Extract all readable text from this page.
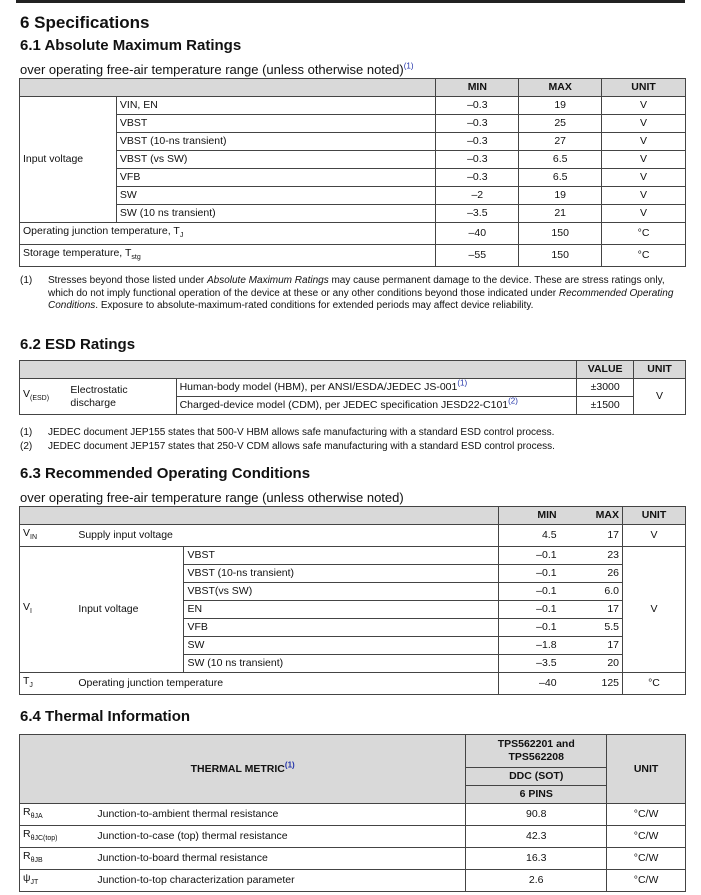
6 Specifications
6.1 Absolute Maximum Ratings
over operating free-air temperature range (unless otherwise noted)$^{(1)}$
		MIN	MAX	UNIT
Input voltage	VIN, EN	–0.3	19	V
	VBST	–0.3	25	V
	VBST (10-ns transient)	–0.3	27	V
	VBST (vs SW)	–0.3	6.5	V
	VFB	–0.3	6.5	V
	SW	–2	19	V
	SW (10 ns transient)	–3.5	21	V
Operating junction temperature, $T_J$		–40	150	°C
Storage temperature, $T_{stg}$		–55	150	°C
(1) Stresses beyond those listed under Absolute Maximum Ratings may cause permanent damage to the device. These are stress ratings only, which do not imply functional operation of the device at these or any other conditions beyond those indicated under Recommended Operating Conditions. Exposure to absolute-maximum-rated conditions for extended periods may affect device reliability.
6.2 ESD Ratings
			VALUE	UNIT
$V_{(ESD)}$	Electrostatic discharge	Human-body model (HBM), per ANSI/ESDA/JEDEC JS-001$^{(1)}$	±3000	V
		Charged-device model (CDM), per JEDEC specification JESD22-C101$^{(2)}$	±1500	
(1) JEDEC document JEP155 states that 500-V HBM allows safe manufacturing with a standard ESD control process.
(2) JEDEC document JEP157 states that 250-V CDM allows safe manufacturing with a standard ESD control process.
6.3 Recommended Operating Conditions
over operating free-air temperature range (unless otherwise noted)
			MIN	MAX	UNIT
$V_{IN}$	Supply input voltage		4.5	17	V
$V_I$	Input voltage	VBST	–0.1	23	V
		VBST (10-ns transient)	–0.1	26	
		VBST(vs SW)	–0.1	6.0	
		EN	–0.1	17	
		VFB	–0.1	5.5	
		SW	–1.8	17	
		SW (10 ns transient)	–3.5	20	
$T_J$	Operating junction temperature		–40	125	°C
6.4 Thermal Information
THERMAL METRIC$^{(1)}$		TPS562201 and TPS562208	UNIT
		DDC (SOT)	
		6 PINS	
$R_{\theta JA}$	Junction-to-ambient thermal resistance	90.8	°C/W
$R_{\theta JC(top)}$	Junction-to-case (top) thermal resistance	42.3	°C/W
$R_{\theta JB}$	Junction-to-board thermal resistance	16.3	°C/W
$\psi_{JT}$	Junction-to-top characterization parameter	2.6	°C/W
